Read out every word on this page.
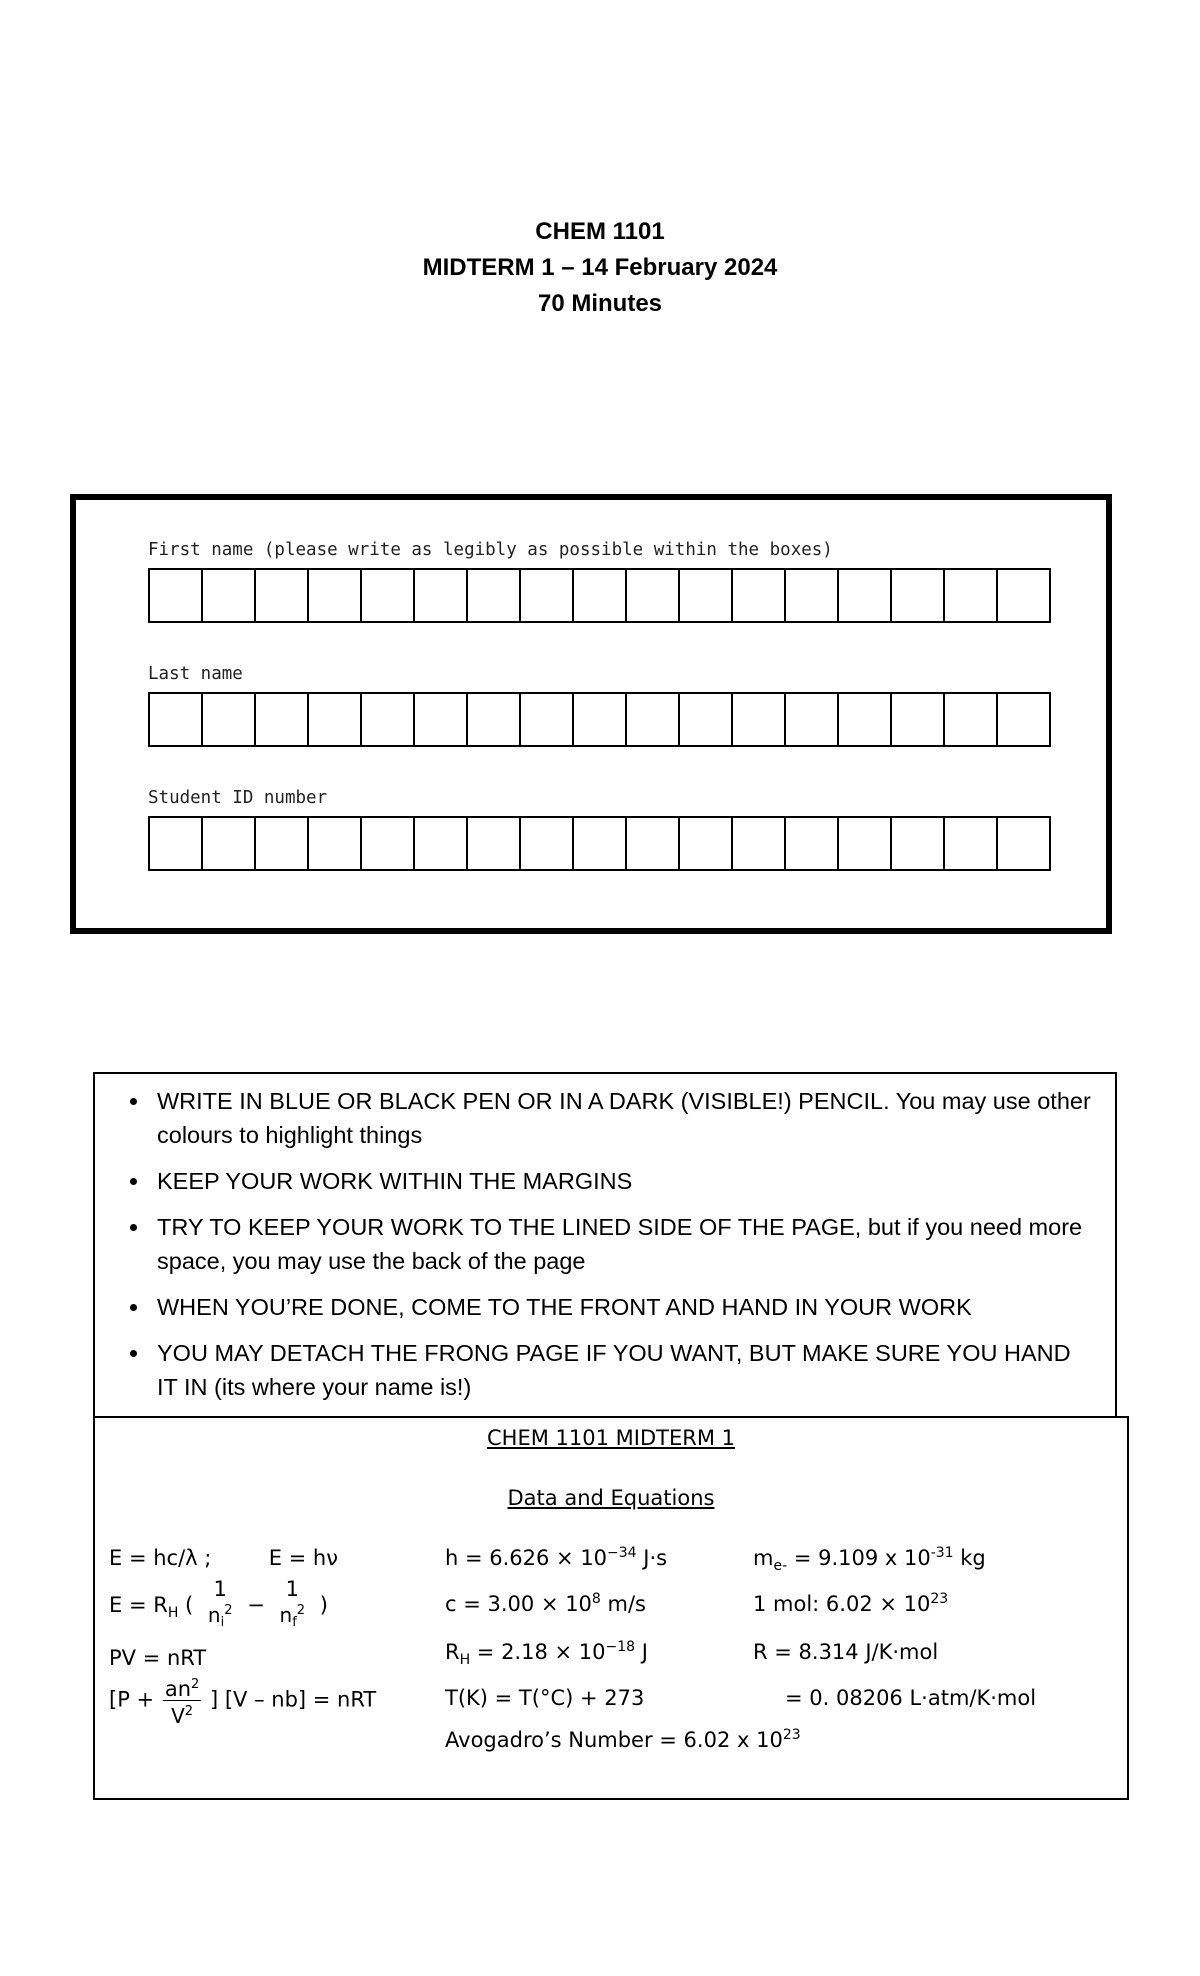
CHEM 1101
MIDTERM 1 – 14 February 2024
70 Minutes
First name (please write as legibly as possible within the boxes)
Last name
Student ID number
• WRITE IN BLUE OR BLACK PEN OR IN A DARK (VISIBLE!) PENCIL. You may use other colours to highlight things
• KEEP YOUR WORK WITHIN THE MARGINS
• TRY TO KEEP YOUR WORK TO THE LINED SIDE OF THE PAGE, but if you need more space, you may use the back of the page
• WHEN YOU’RE DONE, COME TO THE FRONT AND HAND IN YOUR WORK
• YOU MAY DETACH THE FRONG PAGE IF YOU WANT, BUT MAKE SURE YOU HAND IT IN (its where your name is!)
CHEM 1101 MIDTERM 1
Data and Equations
E = hc/λ ;	E = hν
$E = R_H$ (
1
$n_i^2$ −
1
$n_f^2$ )
PV = nRT
[$P + \frac{an^2}{V^2}$ ] [V – nb] = nRT
$h = 6.626 \times 10^{-34}$ J·s
$c = 3.00 \times 10^8$ m/s
$R_H = 2.18 \times 10^{-18}$ J
T(K) = T(°C) + 273
Avogadro’s Number = 6.02 x $10^{23}$
$m_{e-} = 9.109$ x $10^{-31}$ kg
1 mol: $6.02 \times 10^{23}$
R = 8.314 J/K·mol
= 0. 08206 L·atm/K·mol
